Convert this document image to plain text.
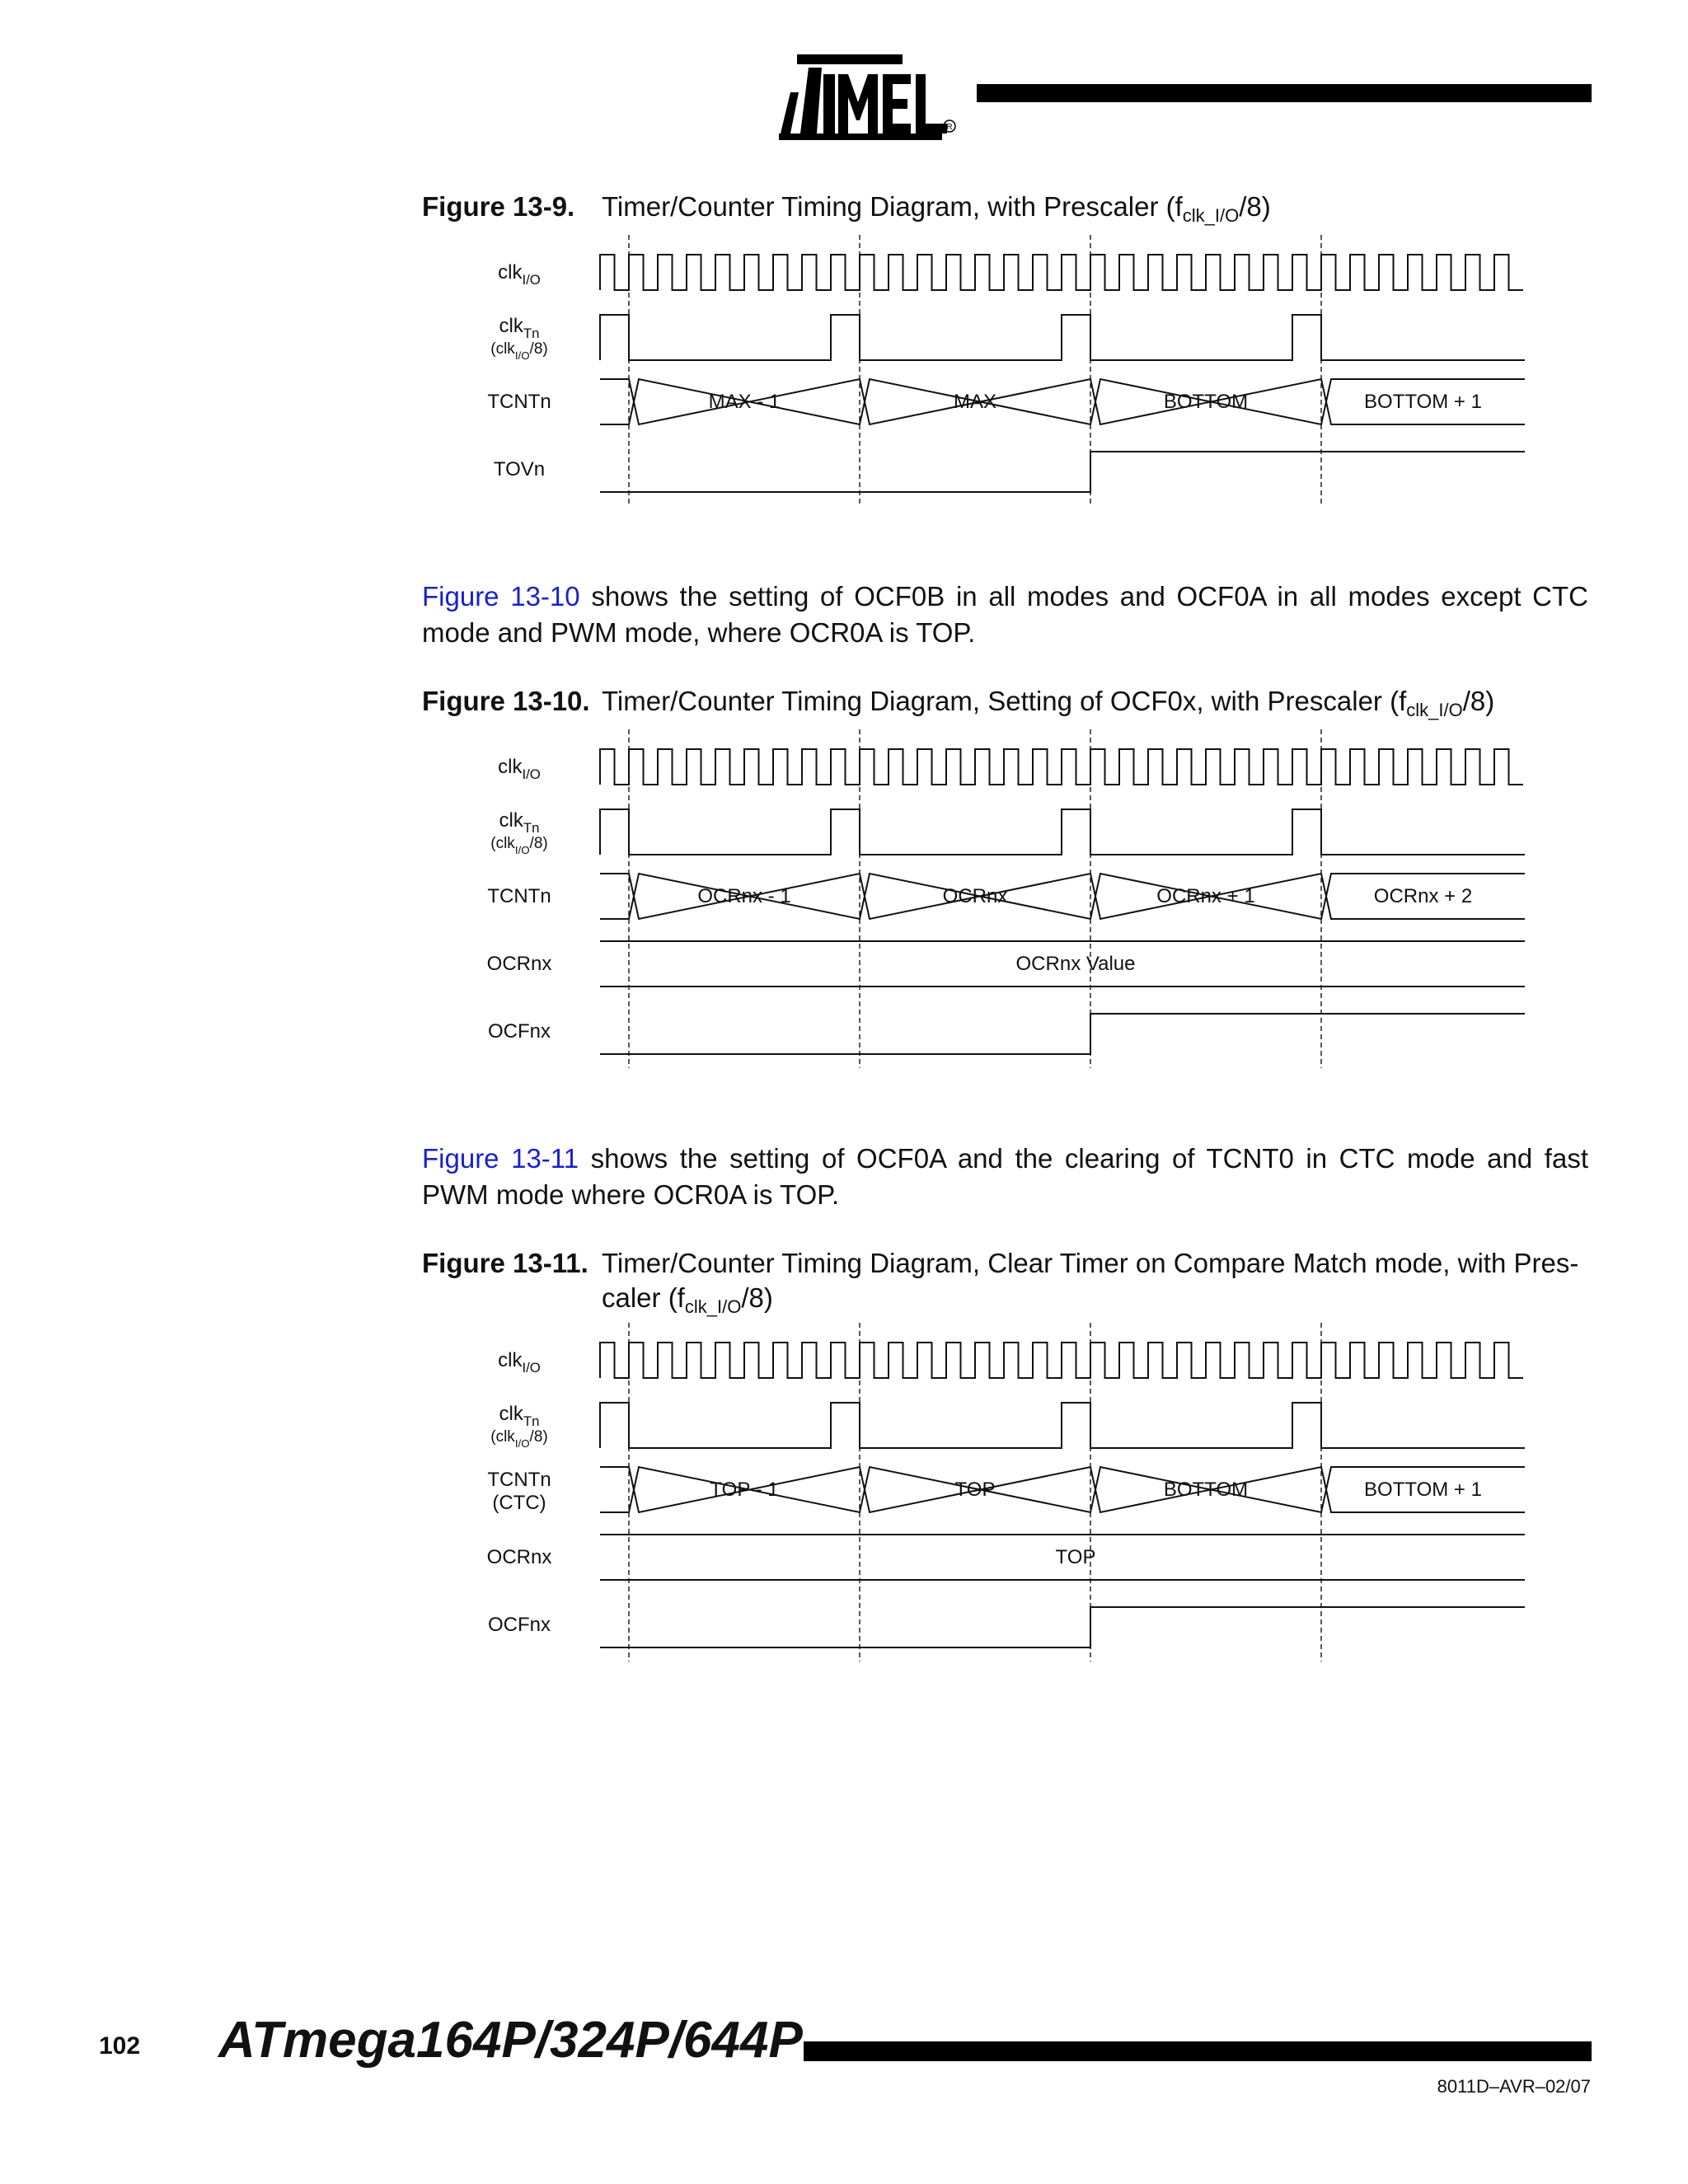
R
Figure 13-9. Timer/Counter Timing Diagram, with Prescaler $(f_{clk\_I/O}/8)$
clk$_{I/O}$
clk$_{Tn}$
(clk$_{I/O}$/8)
TCNTn	MAX - 1	MAX	BOTTOM	BOTTOM + 1
TOVn
Figure 13-10 shows the setting of OCF0B in all modes and OCF0A in all modes except CTC mode and PWM mode, where OCR0A is TOP.
Figure 13-10. Timer/Counter Timing Diagram, Setting of OCF0x, with Prescaler $(f_{clk\_I/O}/8)$
clk$_{I/O}$
clk$_{Tn}$
(clk$_{I/O}$/8)
TCNTn	OCRnx - 1	OCRnx	OCRnx + 1	OCRnx + 2
OCRnx	OCRnx Value
OCFnx
Figure 13-11 shows the setting of OCF0A and the clearing of TCNT0 in CTC mode and fast PWM mode where OCR0A is TOP.
Figure 13-11. Timer/Counter Timing Diagram, Clear Timer on Compare Match mode, with Pres-
caler $(f_{clk\_I/O}/8)$
clk$_{I/O}$
clk$_{Tn}$
(clk$_{I/O}$/8)
TCNTn
(CTC)
TOP - 1	TOP	BOTTOM	BOTTOM + 1
OCRnx	TOP
OCFnx
102 ATmega164P/324P/644P
8011D–AVR–02/07
